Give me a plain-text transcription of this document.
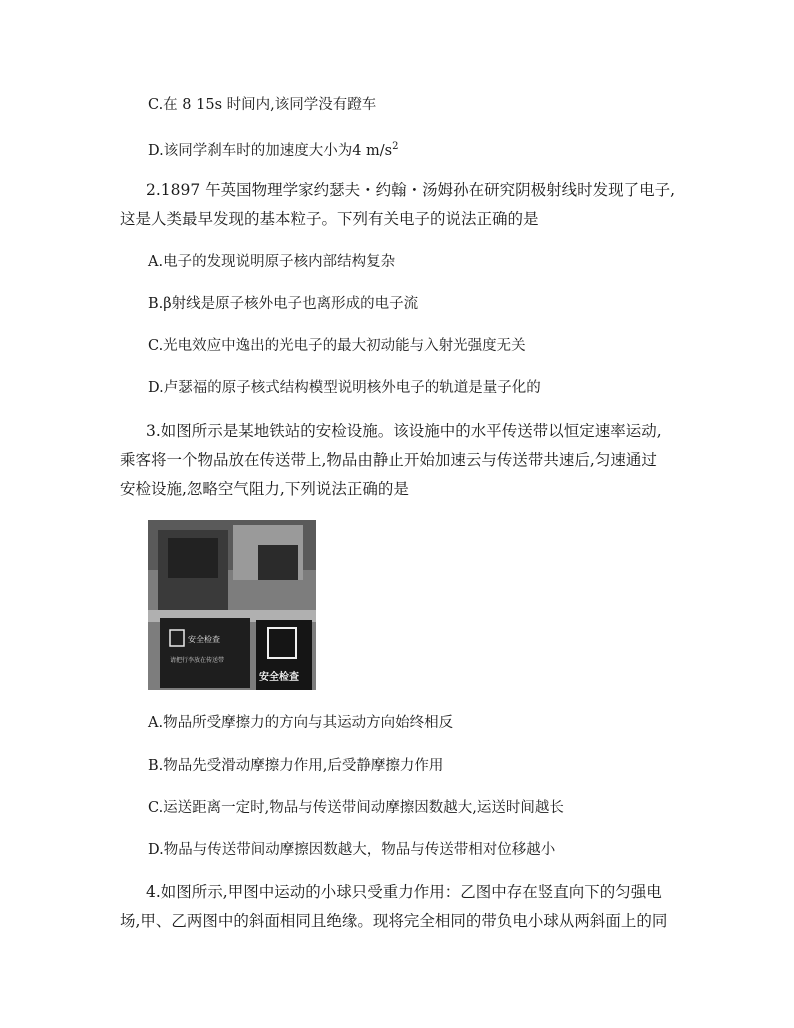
C.在 8 15s 时间内,该同学没有蹬车
D.该同学刹车时的加速度大小为4 $m/s^2$
2.1897 午英国物理学家约瑟夫・约翰・汤姆孙在研究阴极射线时发现了电子,
这是人类最早发现的基本粒子。下列有关电子的说法正确的是
A.电子的发现说明原子核内部结构复杂
B.β射线是原子核外电子也离形成的电子流
C.光电效应中逸出的光电子的最大初动能与入射光强度无关
D.卢瑟福的原子核式结构模型说明核外电子的轨道是量子化的
3.如图所示是某地铁站的安检设施。该设施中的水平传送带以恒定速率运动,
乘客将一个物品放在传送带上,物品由静止开始加速云与传送带共速后,匀速通过
安检设施,忽略空气阻力,下列说法正确的是
安全检查
请把行李放在传送带
安全检查
A.物品所受摩擦力的方向与其运动方向始终相反
B.物品先受滑动摩擦力作用,后受静摩擦力作用
C.运送距离一定时,物品与传送带间动摩擦因数越大,运送时间越长
D.物品与传送带间动摩擦因数越大，物品与传送带相对位移越小
4.如图所示,甲图中运动的小球只受重力作用：乙图中存在竖直向下的匀强电
场,甲、乙两图中的斜面相同且绝缘。现将完全相同的带负电小球从两斜面上的同
